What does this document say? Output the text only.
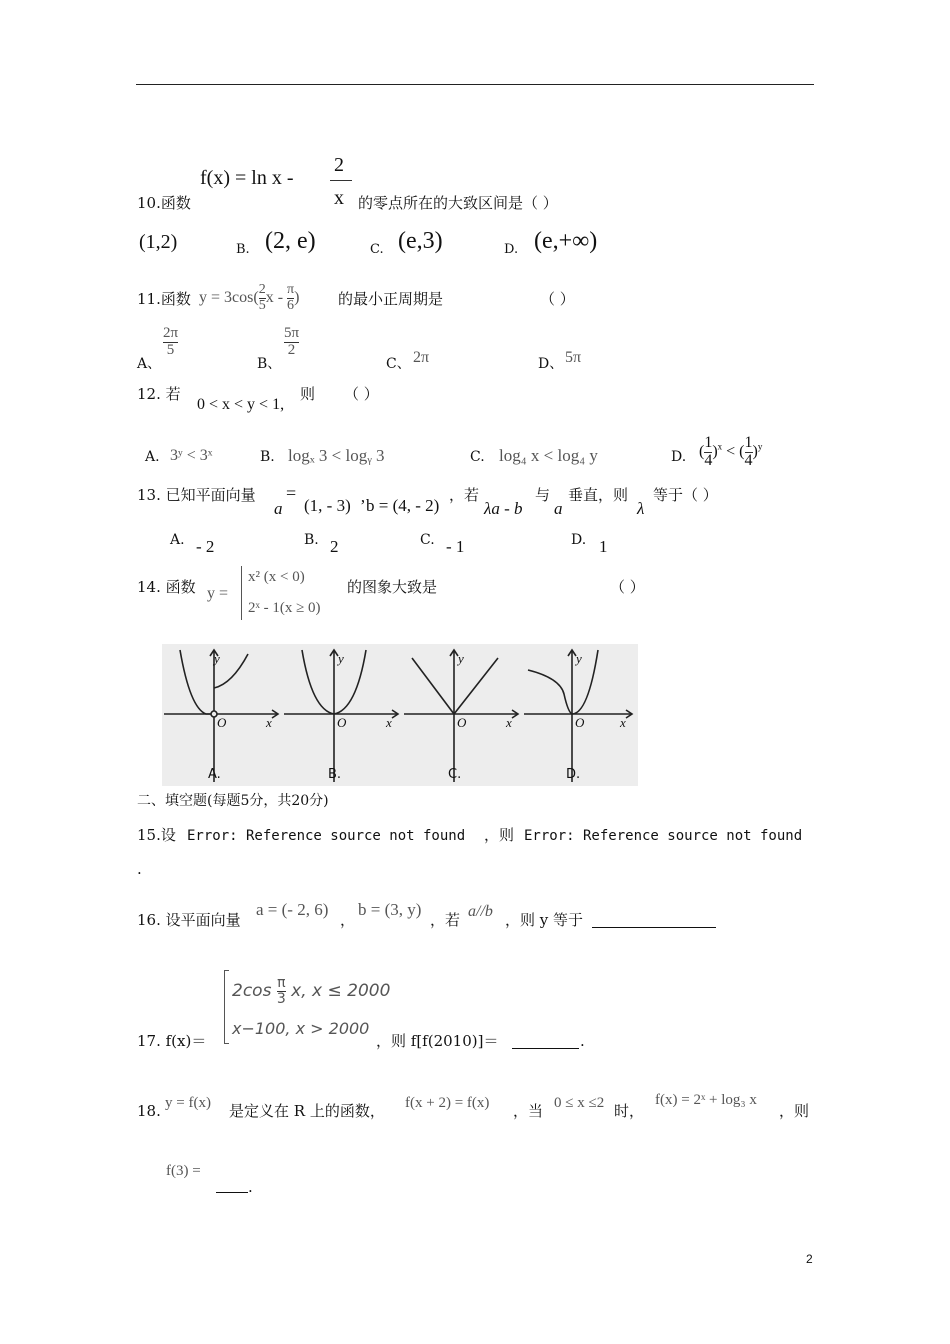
f(x) = ln x -
2
x
10.函数	的零点所在的大致区间是（ ）
(1,2)	B. (2, e)	C. (e,3)	D. (e,+∞)
11.函数 $y = 3\cos( \frac{2}{5}$ x - $\frac{\pi}{6}$ )	的最小正周期是	（ ）
A、
$\frac{2\pi}{5}$
B、
$\frac{5\pi}{2}$
C、 2π	D、 5π
12. 若
0 < x < y < 1,
则 （ ）
A. 3ʸ < 3ˣ	B. logₓ 3 < logᵧ 3	C. log₄ x < log₄ y	D. ( $\frac{1}{4} )^x$ < ( $\frac{1}{4} )^y$
13. 已知平面向量
a
=
(1, - 3) ’ b = (4, - 2)
，若
λa - b
与
a
垂直，则
λ
等于（ ）
A. - 2	B. 2	C. - 1	D. 1
14. 函数 y =
x² (x < 0)
2ˣ - 1(x ≥ 0)
的图象大致是	（ ）
y
x
O
A.
y
x
O
B.
y
x
O
C.
y
x
O
D.
二、填空题(每题5分，共20分)
15.设 Error: Reference source not found ，则 Error: Reference source not found
.
16. 设平面向量
a = (- 2, 6)
，
b = (3, y)
，若 a//b ，则 y 等于
$2\cos \frac{\pi}{3} x$, x ≤ 2000
x−100, x > 2000
17. f(x)＝	，则 f[f(2010)]＝	.
18. y = f(x) 是定义在 R 上的函数， f(x + 2) = f(x) ，当 0 ≤ x ≤2 时，
f(x) = 2ˣ + log₃ x
，则
f(3) =
.
2
